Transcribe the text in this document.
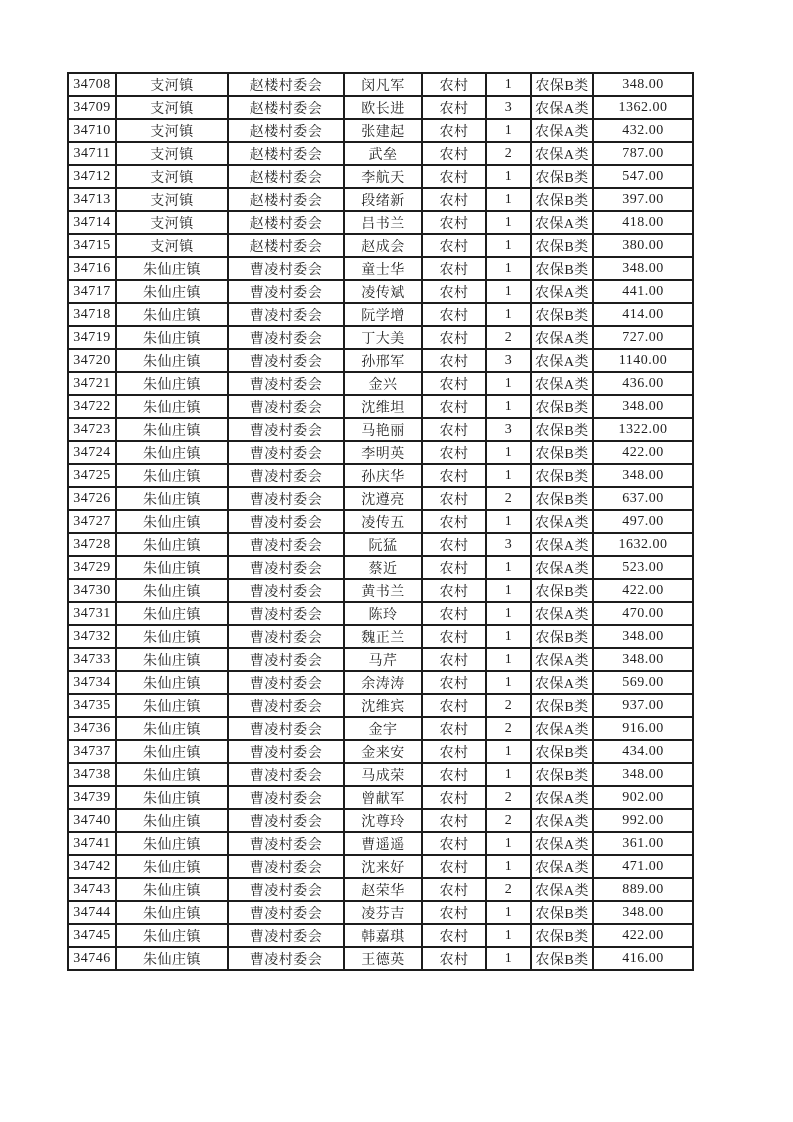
34708	支河镇	赵楼村委会	闵凡军	农村	1	农保B类	348.00
34709	支河镇	赵楼村委会	欧长进	农村	3	农保A类	1362.00
34710	支河镇	赵楼村委会	张建起	农村	1	农保A类	432.00
34711	支河镇	赵楼村委会	武垒	农村	2	农保A类	787.00
34712	支河镇	赵楼村委会	李航天	农村	1	农保B类	547.00
34713	支河镇	赵楼村委会	段绪新	农村	1	农保B类	397.00
34714	支河镇	赵楼村委会	吕书兰	农村	1	农保A类	418.00
34715	支河镇	赵楼村委会	赵成会	农村	1	农保B类	380.00
34716	朱仙庄镇	曹凌村委会	童士华	农村	1	农保B类	348.00
34717	朱仙庄镇	曹凌村委会	凌传斌	农村	1	农保A类	441.00
34718	朱仙庄镇	曹凌村委会	阮学增	农村	1	农保B类	414.00
34719	朱仙庄镇	曹凌村委会	丁大美	农村	2	农保A类	727.00
34720	朱仙庄镇	曹凌村委会	孙邢军	农村	3	农保A类	1140.00
34721	朱仙庄镇	曹凌村委会	金兴	农村	1	农保A类	436.00
34722	朱仙庄镇	曹凌村委会	沈维坦	农村	1	农保B类	348.00
34723	朱仙庄镇	曹凌村委会	马艳丽	农村	3	农保B类	1322.00
34724	朱仙庄镇	曹凌村委会	李明英	农村	1	农保B类	422.00
34725	朱仙庄镇	曹凌村委会	孙庆华	农村	1	农保B类	348.00
34726	朱仙庄镇	曹凌村委会	沈遵亮	农村	2	农保B类	637.00
34727	朱仙庄镇	曹凌村委会	凌传五	农村	1	农保A类	497.00
34728	朱仙庄镇	曹凌村委会	阮猛	农村	3	农保A类	1632.00
34729	朱仙庄镇	曹凌村委会	蔡近	农村	1	农保A类	523.00
34730	朱仙庄镇	曹凌村委会	黄书兰	农村	1	农保B类	422.00
34731	朱仙庄镇	曹凌村委会	陈玲	农村	1	农保A类	470.00
34732	朱仙庄镇	曹凌村委会	魏正兰	农村	1	农保B类	348.00
34733	朱仙庄镇	曹凌村委会	马芹	农村	1	农保A类	348.00
34734	朱仙庄镇	曹凌村委会	余涛涛	农村	1	农保A类	569.00
34735	朱仙庄镇	曹凌村委会	沈维宾	农村	2	农保B类	937.00
34736	朱仙庄镇	曹凌村委会	金宇	农村	2	农保A类	916.00
34737	朱仙庄镇	曹凌村委会	金来安	农村	1	农保B类	434.00
34738	朱仙庄镇	曹凌村委会	马成荣	农村	1	农保B类	348.00
34739	朱仙庄镇	曹凌村委会	曾献军	农村	2	农保A类	902.00
34740	朱仙庄镇	曹凌村委会	沈尊玲	农村	2	农保A类	992.00
34741	朱仙庄镇	曹凌村委会	曹遥遥	农村	1	农保A类	361.00
34742	朱仙庄镇	曹凌村委会	沈来好	农村	1	农保A类	471.00
34743	朱仙庄镇	曹凌村委会	赵荣华	农村	2	农保A类	889.00
34744	朱仙庄镇	曹凌村委会	凌芬吉	农村	1	农保B类	348.00
34745	朱仙庄镇	曹凌村委会	韩嘉琪	农村	1	农保B类	422.00
34746	朱仙庄镇	曹凌村委会	王德英	农村	1	农保B类	416.00
